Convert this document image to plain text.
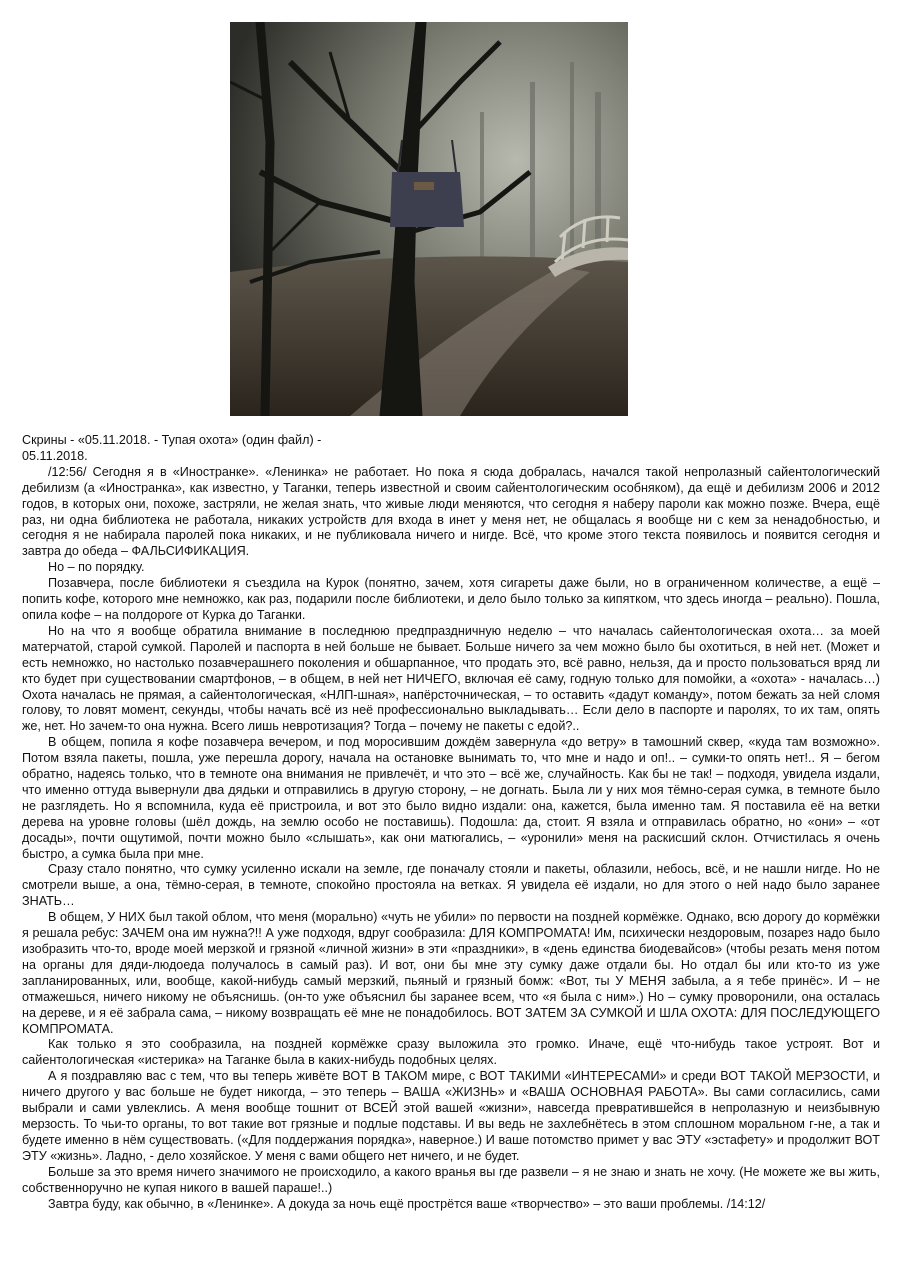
Скрины - «05.11.2018. - Тупая охота» (один файл) -

05.11.2018.

/12:56/ Сегодня я в «Иностранке». «Ленинка» не работает. Но пока я сюда добралась, начался такой непролазный сайентологический дебилизм (а «Иностранка», как известно, у Таганки, теперь известной и своим сайентологическим особняком), да ещё и дебилизм 2006 и 2012 годов, в которых они, похоже, застряли, не желая знать, что живые люди меняются, что сегодня я наберу пароли как можно позже. Вчера, ещё раз, ни одна библиотека не работала, никаких устройств для входа в инет у меня нет, не общалась я вообще ни с кем за ненадобностью, и сегодня я не набирала паролей пока никаких, и не публиковала ничего и нигде. Всё, что кроме этого текста появилось и появится сегодня и завтра до обеда – ФАЛЬСИФИКАЦИЯ.

Но – по порядку.

Позавчера, после библиотеки я съездила на Курок (понятно, зачем, хотя сигареты даже были, но в ограниченном количестве, а ещё – попить кофе, которого мне немножко, как раз, подарили после библиотеки, и дело было только за кипятком, что здесь иногда – реально). Пошла, опила кофе – на полдороге от Курка до Таганки.

Но на что я вообще обратила внимание в последнюю предпраздничную неделю – что началась сайентологическая охота… за моей матерчатой, старой сумкой. Паролей и паспорта в ней больше не бывает. Больше ничего за чем можно было бы охотиться, в ней нет. (Может и есть немножко, но настолько позавчерашнего поколения и обшарпанное, что продать это, всё равно, нельзя, да и просто пользоваться вряд ли кто будет при существовании смартфонов, – в общем, в ней нет НИЧЕГО, включая её саму, годную только для помойки, а «охота» - началась…) Охота началась не прямая, а сайентологическая, «НЛП-шная», напёрсточническая, – то оставить «дадут команду», потом бежать за ней сломя голову, то ловят момент, секунды, чтобы начать всё из неё профессионально выкладывать… Если дело в паспорте и паролях, то их там, опять же, нет. Но зачем-то она нужна. Всего лишь невротизация? Тогда – почему не пакеты с едой?..

В общем, попила я кофе позавчера вечером, и под моросившим дождём завернула «до ветру» в тамошний сквер, «куда там возможно». Потом взяла пакеты, пошла, уже перешла дорогу, начала на остановке вынимать то, что мне и надо и оп!.. – сумки-то опять нет!.. Я – бегом обратно, надеясь только, что в темноте она внимания не привлечёт, и что это – всё же, случайность. Как бы не так! – подходя, увидела издали, что именно оттуда вывернули два дядьки и отправились в другую сторону, – не догнать. Была ли у них моя тёмно-серая сумка, в темноте было не разглядеть. Но я вспомнила, куда её пристроила, и вот это было видно издали: она, кажется, была именно там. Я поставила её на ветки дерева на уровне головы (шёл дождь, на землю особо не поставишь). Подошла: да, стоит. Я взяла и отправилась обратно, но «они» – «от досады», почти ощутимой, почти можно было «слышать», как они матюгались, – «уронили» меня на раскисший склон. Отчистилась я очень быстро, а сумка была при мне.

Сразу стало понятно, что сумку усиленно искали на земле, где поначалу стояли и пакеты, облазили, небось, всё, и не нашли нигде. Но не смотрели выше, а она, тёмно-серая, в темноте, спокойно простояла на ветках. Я увидела её издали, но для этого о ней надо было заранее ЗНАТЬ…

В общем, У НИХ был такой облом, что меня (морально) «чуть не убили» по первости на поздней кормёжке. Однако, всю дорогу до кормёжки я решала ребус: ЗАЧЕМ она им нужна?!! А уже подходя, вдруг сообразила: ДЛЯ КОМПРОМАТА! Им, психически нездоровым, позарез надо было изобразить что-то, вроде моей мерзкой и грязной «личной жизни» в эти «праздники», в «день единства биодевайсов» (чтобы резать меня потом на органы для дяди-людоеда получалось в самый раз). И вот, они бы мне эту сумку даже отдали бы. Но отдал бы или кто-то из уже запланированных, или, вообще, какой-нибудь самый мерзкий, пьяный и грязный бомж: «Вот, ты У МЕНЯ забыла, а я тебе принёс». И – не отмажешься, ничего никому не объяснишь. (он-то уже объяснил бы заранее всем, что «я была с ним».) Но – сумку проворонили, она осталась на дереве, и я её забрала сама, – никому возвращать её мне не понадобилось. ВОТ ЗАТЕМ ЗА СУМКОЙ И ШЛА ОХОТА: ДЛЯ ПОСЛЕДУЮЩЕГО КОМПРОМАТА.

Как только я это сообразила, на поздней кормёжке сразу выложила это громко. Иначе, ещё что-нибудь такое устроят. Вот и сайентологическая «истерика» на Таганке была в каких-нибудь подобных целях.

А я поздравляю вас с тем, что вы теперь живёте ВОТ В ТАКОМ мире, с ВОТ ТАКИМИ «ИНТЕРЕСАМИ» и среди ВОТ ТАКОЙ МЕРЗОСТИ, и ничего другого у вас больше не будет никогда, – это теперь – ВАША «ЖИЗНЬ» и «ВАША ОСНОВНАЯ РАБОТА». Вы сами согласились, сами выбрали и сами увлеклись. А меня вообще тошнит от ВСЕЙ этой вашей «жизни», навсегда превратившейся в непролазную и неизбывную мерзость. То чьи-то органы, то вот такие вот грязные и подлые подставы. И вы ведь не захлебнётесь в этом сплошном моральном г-не, а так и будете именно в нём существовать. («Для поддержания порядка», наверное.) И ваше потомство примет у вас ЭТУ «эстафету» и продолжит ВОТ ЭТУ «жизнь». Ладно, - дело хозяйское. У меня с вами общего нет ничего, и не будет.

Больше за это время ничего значимого не происходило, а какого вранья вы где развели – я не знаю и знать не хочу. (Не можете же вы жить, собственноручно не купая никого в вашей параше!..)

Завтра буду, как обычно, в «Ленинке». А докуда за ночь ещё простpётся ваше «творчество» – это ваши проблемы. /14:12/
